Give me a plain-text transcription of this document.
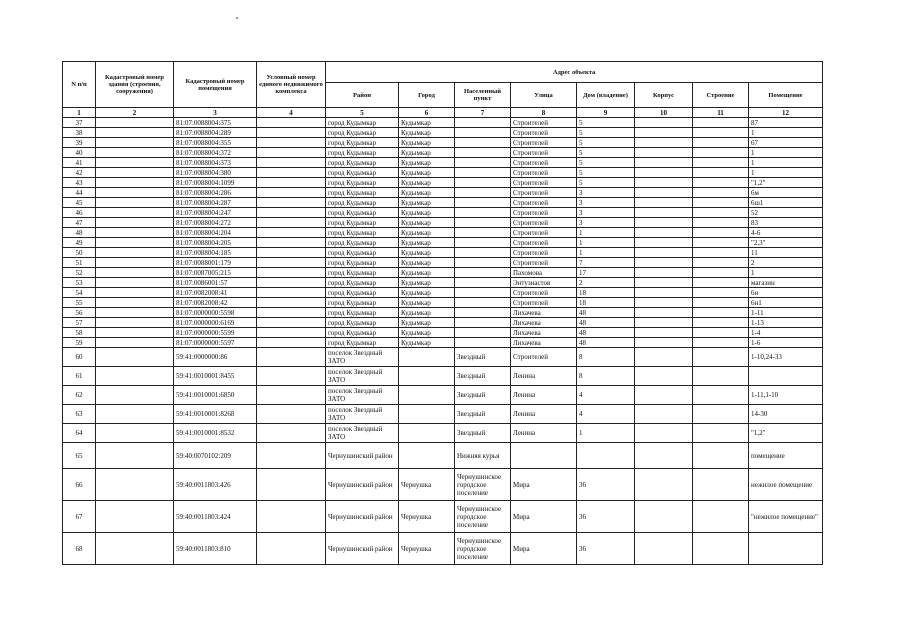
N п/п	Кадастровый номер здания (строения, сооружения)	Кадастровый номер помещения	Условный номер единого недвижимого комплекса	Адрес объекта							
				Район	Город	Населенный пункт	Улица	Дом (владение)	Корпус	Строение	Помещение
1	2	3	4	5	6	7	8	9	10	11	12
37		81:07:0088004:375		город Кудымкар	Кудымкар		Строителей	5			87
38		81:07:0088004:289		город Кудымкар	Кудымкар		Строителей	5			1
39		81:07:0088004:355		город Кудымкар	Кудымкар		Строителей	5			67
40		81:07:0088004:372		город Кудымкар	Кудымкар		Строителей	5			1
41		81:07:0088004:373		город Кудымкар	Кудымкар		Строителей	5			1
42		81:07:0088004:380		город Кудымкар	Кудымкар		Строителей	5			1
43		81:07:0088004:1099		город Кудымкар	Кудымкар		Строителей	5			"1,2"
44		81:07:0088004:286		город Кудымкар	Кудымкар		Строителей	3			6м
45		81:07:0088004:287		город Кудымкар	Кудымкар		Строителей	3			6ш1
46		81:07:0088004:247		город Кудымкар	Кудымкар		Строителей	3			52
47		81:07:0088004:272		город Кудымкар	Кудымкар		Строителей	3			83
48		81:07:0088004:204		город Кудымкар	Кудымкар		Строителей	1			4-6
49		81:07:0088004:205		город Кудымкар	Кудымкар		Строителей	1			"2,3"
50		81:07:0088004:185		город Кудымкар	Кудымкар		Строителей	1			11
51		81:07:0088001:179		город Кудымкар	Кудымкар		Строителей	7			2
52		81:07:0087005:215		город Кудымкар	Кудымкар		Пахомова	17			1
53		81:07:0086001:57		город Кудымкар	Кудымкар		Энтузиастов	2			магазин
54		81:07:0082008:41		город Кудымкар	Кудымкар		Строителей	18			6н
55		81:07:0082008:42		город Кудымкар	Кудымкар		Строителей	18			6н1
56		81:07:0000000:5598		город Кудымкар	Кудымкар		Лихачева	48			1-11
57		81:07:0000000:6169		город Кудымкар	Кудымкар		Лихачева	48			1-13
58		81:07:0000000:5599		город Кудымкар	Кудымкар		Лихачева	48			1-4
59		81:07:0000000:5597		город Кудымкар	Кудымкар		Лихачева	48			1-6
60		59:41:0000000:86		поселок Звездный ЗАТО		Звездный	Строителей	8			1-10,24-33
61		59:41:0010001:8455		поселок Звездный ЗАТО		Звездный	Ленина	8			
62		59:41:0010001:6850		поселок Звездный ЗАТО		Звездный	Ленина	4			1-11,1-10
63		59:41:0010001:8268		поселок Звездный ЗАТО		Звездный	Ленина	4			14-30
64		59:41:0010001:8532		поселок Звездный ЗАТО		Звездный	Ленина	1			"1,2"
65		59:40:0070102:209		Чернушинский район		Нижняя курья					помещение
66		59:40:0011803:426		Чернушинский район	Чернушка	Чернушинское городское поселение	Мира	36			нежилое помещение
67		59:40:0011803:424		Чернушинский район	Чернушка	Чернушинское городское поселение	Мира	36			"нежилое помещение"
68		59:40:0011803:810		Чернушинский район	Чернушка	Чернушинское городское поселение	Мира	36			
